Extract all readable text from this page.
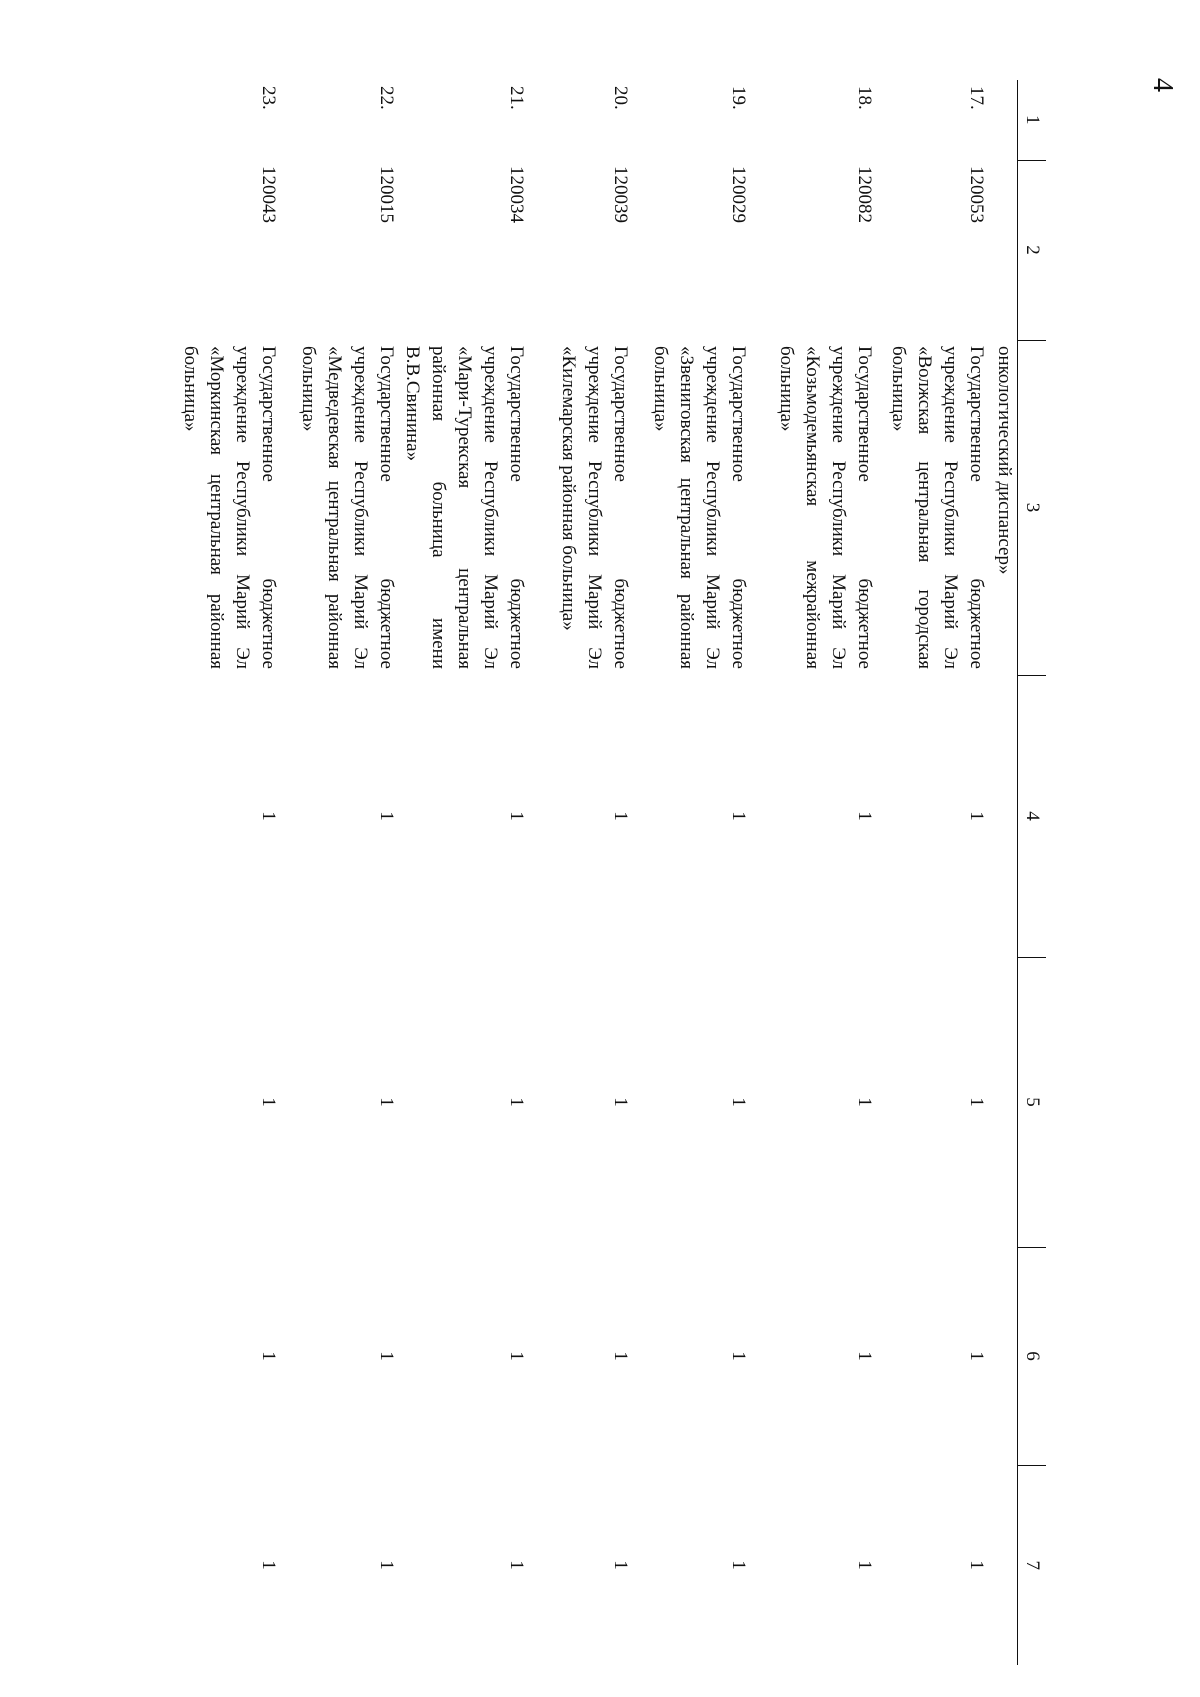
4
1	2	3	4	5	6	7
		онкологический диспансер»				
17.	120053	Государственное бюджетное учреждение Республики Марий Эл «Волжская центральная городская больница»	1	1	1	1
18.	120082	Государственное бюджетное учреждение Республики Марий Эл «Козьмодемьянская межрайонная больница»	1	1	1	1
19.	120029	Государственное бюджетное учреждение Республики Марий Эл «Звениговская центральная районная больница»	1	1	1	1
20.	120039	Государственное бюджетное учреждение Республики Марий Эл «Килемарская районная больница»	1	1	1	1
21.	120034	Государственное бюджетное учреждение Республики Марий Эл «Мари-Турекская центральная районная больница имени В.В.Свинина»	1	1	1	1
22.	120015	Государственное бюджетное учреждение Республики Марий Эл «Медведевская центральная районная больница»	1	1	1	1
23.	120043	Государственное бюджетное учреждение Республики Марий Эл «Моркинская центральная районная больница»	1	1	1	1
